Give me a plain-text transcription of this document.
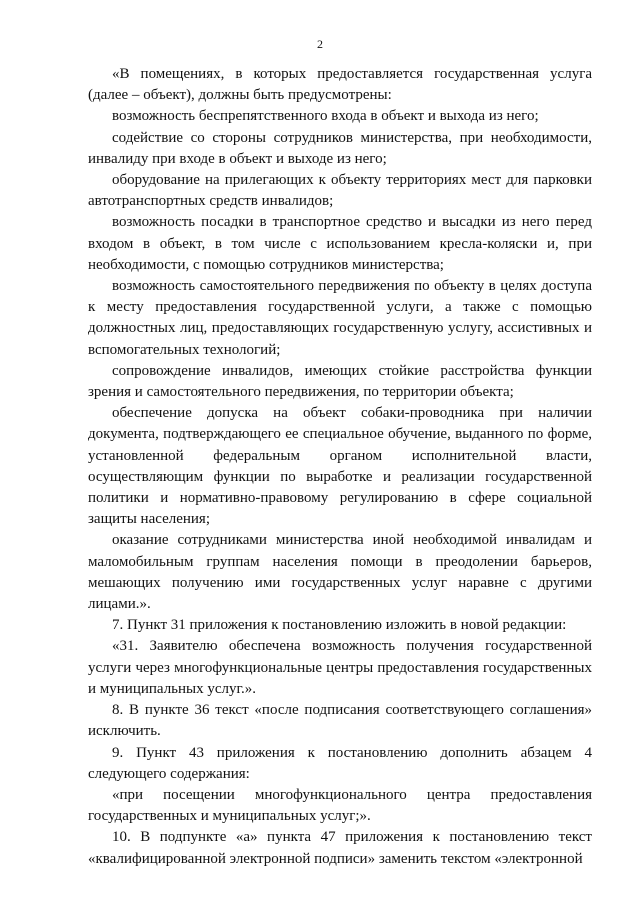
2

«В помещениях, в которых предоставляется государственная услуга (далее – объект), должны быть предусмотрены:

возможность беспрепятственного входа в объект и выхода из него;

содействие со стороны сотрудников министерства, при необходимости, инвалиду при входе в объект и выходе из него;

оборудование на прилегающих к объекту территориях мест для парковки автотранспортных средств инвалидов;

возможность посадки в транспортное средство и высадки из него перед входом в объект, в том числе с использованием кресла-коляски и, при необходимости, с помощью сотрудников министерства;

возможность самостоятельного передвижения по объекту в целях доступа к месту предоставления государственной услуги, а также с помощью должностных лиц, предоставляющих государственную услугу, ассистивных и вспомогательных технологий;

сопровождение инвалидов, имеющих стойкие расстройства функции зрения и самостоятельного передвижения, по территории объекта;

обеспечение допуска на объект собаки-проводника при наличии документа, подтверждающего ее специальное обучение, выданного по форме, установленной федеральным органом исполнительной власти, осуществляющим функции по выработке и реализации государственной политики и нормативно-правовому регулированию в сфере социальной защиты населения;

оказание сотрудниками министерства иной необходимой инвалидам и маломобильным группам населения помощи в преодолении барьеров, мешающих получению ими государственных услуг наравне с другими лицами.».

7. Пункт 31 приложения к постановлению изложить в новой редакции:

«31. Заявителю обеспечена возможность получения государственной услуги через многофункциональные центры предоставления государственных и муниципальных услуг.».

8. В пункте 36 текст «после подписания соответствующего соглашения» исключить.

9. Пункт 43 приложения к постановлению дополнить абзацем 4 следующего содержания:

«при посещении многофункционального центра предоставления государственных и муниципальных услуг;».

10. В подпункте «а» пункта 47 приложения к постановлению текст «квалифицированной электронной подписи» заменить текстом «электронной
